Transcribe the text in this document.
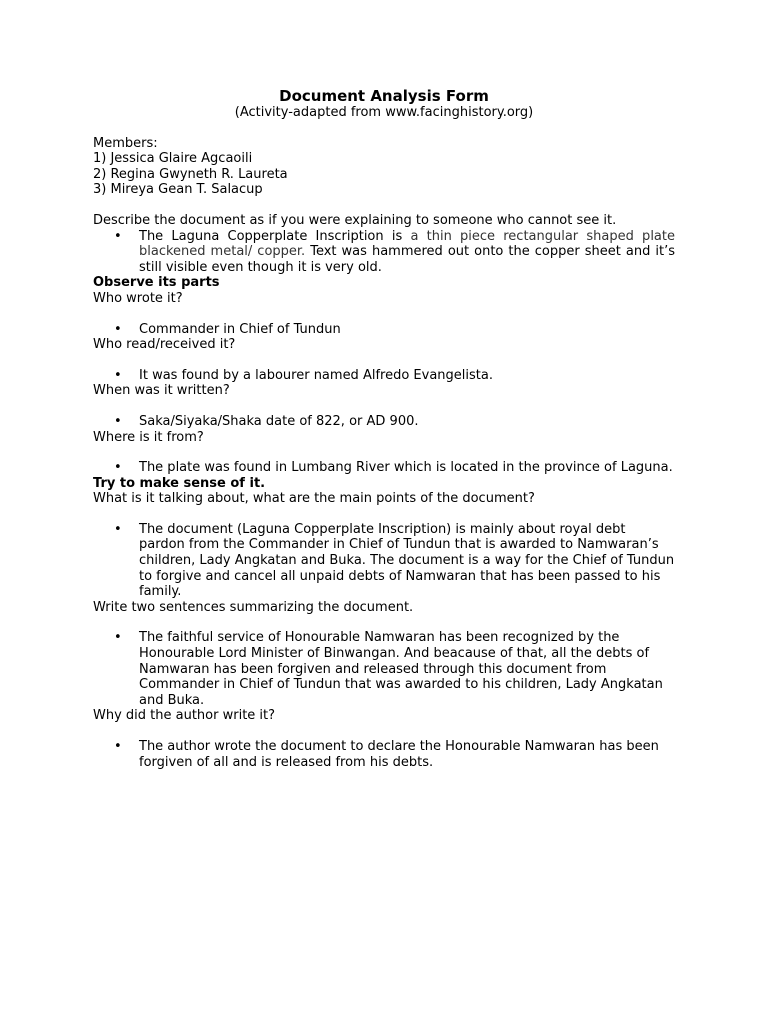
Document Analysis Form

(Activity-adapted from www.facinghistory.org)

Members:

1) Jessica Glaire Agcaoili

2) Regina Gwyneth R. Laureta

3) Mireya Gean T. Salacup

Describe the document as if you were explaining to someone who cannot see it.

• The Laguna Copperplate Inscription is a thin piece rectangular shaped plate blackened metal/ copper. Text was hammered out onto the copper sheet and it’s still visible even though it is very old.

Observe its parts

Who wrote it?

• Commander in Chief of Tundun

Who read/received it?

• It was found by a labourer named Alfredo Evangelista.

When was it written?

• Saka/Siyaka/Shaka date of 822, or AD 900.

Where is it from?

• The plate was found in Lumbang River which is located in the province of Laguna.

Try to make sense of it.

What is it talking about, what are the main points of the document?

• The document (Laguna Copperplate Inscription) is mainly about royal debt pardon from the Commander in Chief of Tundun that is awarded to Namwaran’s children, Lady Angkatan and Buka. The document is a way for the Chief of Tundun to forgive and cancel all unpaid debts of Namwaran that has been passed to his family.

Write two sentences summarizing the document.

• The faithful service of Honourable Namwaran has been recognized by the Honourable Lord Minister of Binwangan. And beacause of that, all the debts of Namwaran has been forgiven and released through this document from Commander in Chief of Tundun that was awarded to his children, Lady Angkatan and Buka.

Why did the author write it?

• The author wrote the document to declare the Honourable Namwaran has been forgiven of all and is released from his debts.
